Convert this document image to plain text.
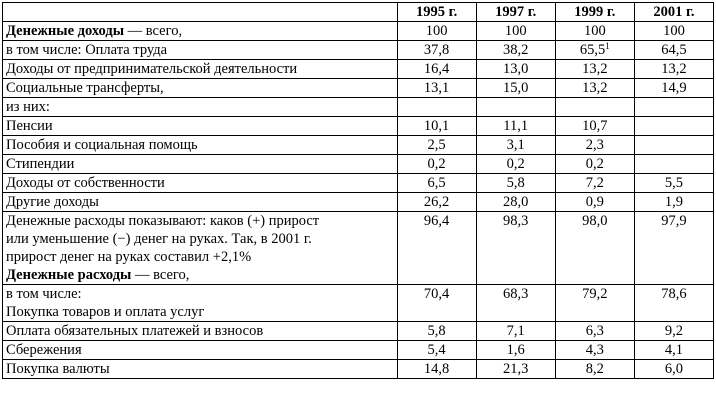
	1995 г.	1997 г.	1999 г.	2001 г.
Денежные доходы — всего,	100	100	100	100
в том числе: Оплата труда	37,8	38,2	65,5$^1$	64,5
Доходы от предпринимательской деятельности	16,4	13,0	13,2	13,2
Социальные трансферты,	13,1	15,0	13,2	14,9
из них:				
Пенсии	10,1	11,1	10,7	
Пособия и социальная помощь	2,5	3,1	2,3	
Стипендии	0,2	0,2	0,2	
Доходы от собственности	6,5	5,8	7,2	5,5
Другие доходы	26,2	28,0	0,9	1,9

Денежные расходы показывают: каков (+) прирост
или уменьшение (−) денег на руках. Так, в 2001 г.
прирост денег на руках составил +2,1%
Денежные расходы — всего,	96,4	98,3	98,0	97,9

в том числе:
Покупка товаров и оплата услуг	70,4	68,3	79,2	78,6
Оплата обязательных платежей и взносов	5,8	7,1	6,3	9,2
Сбережения	5,4	1,6	4,3	4,1
Покупка валюты	14,8	21,3	8,2	6,0
